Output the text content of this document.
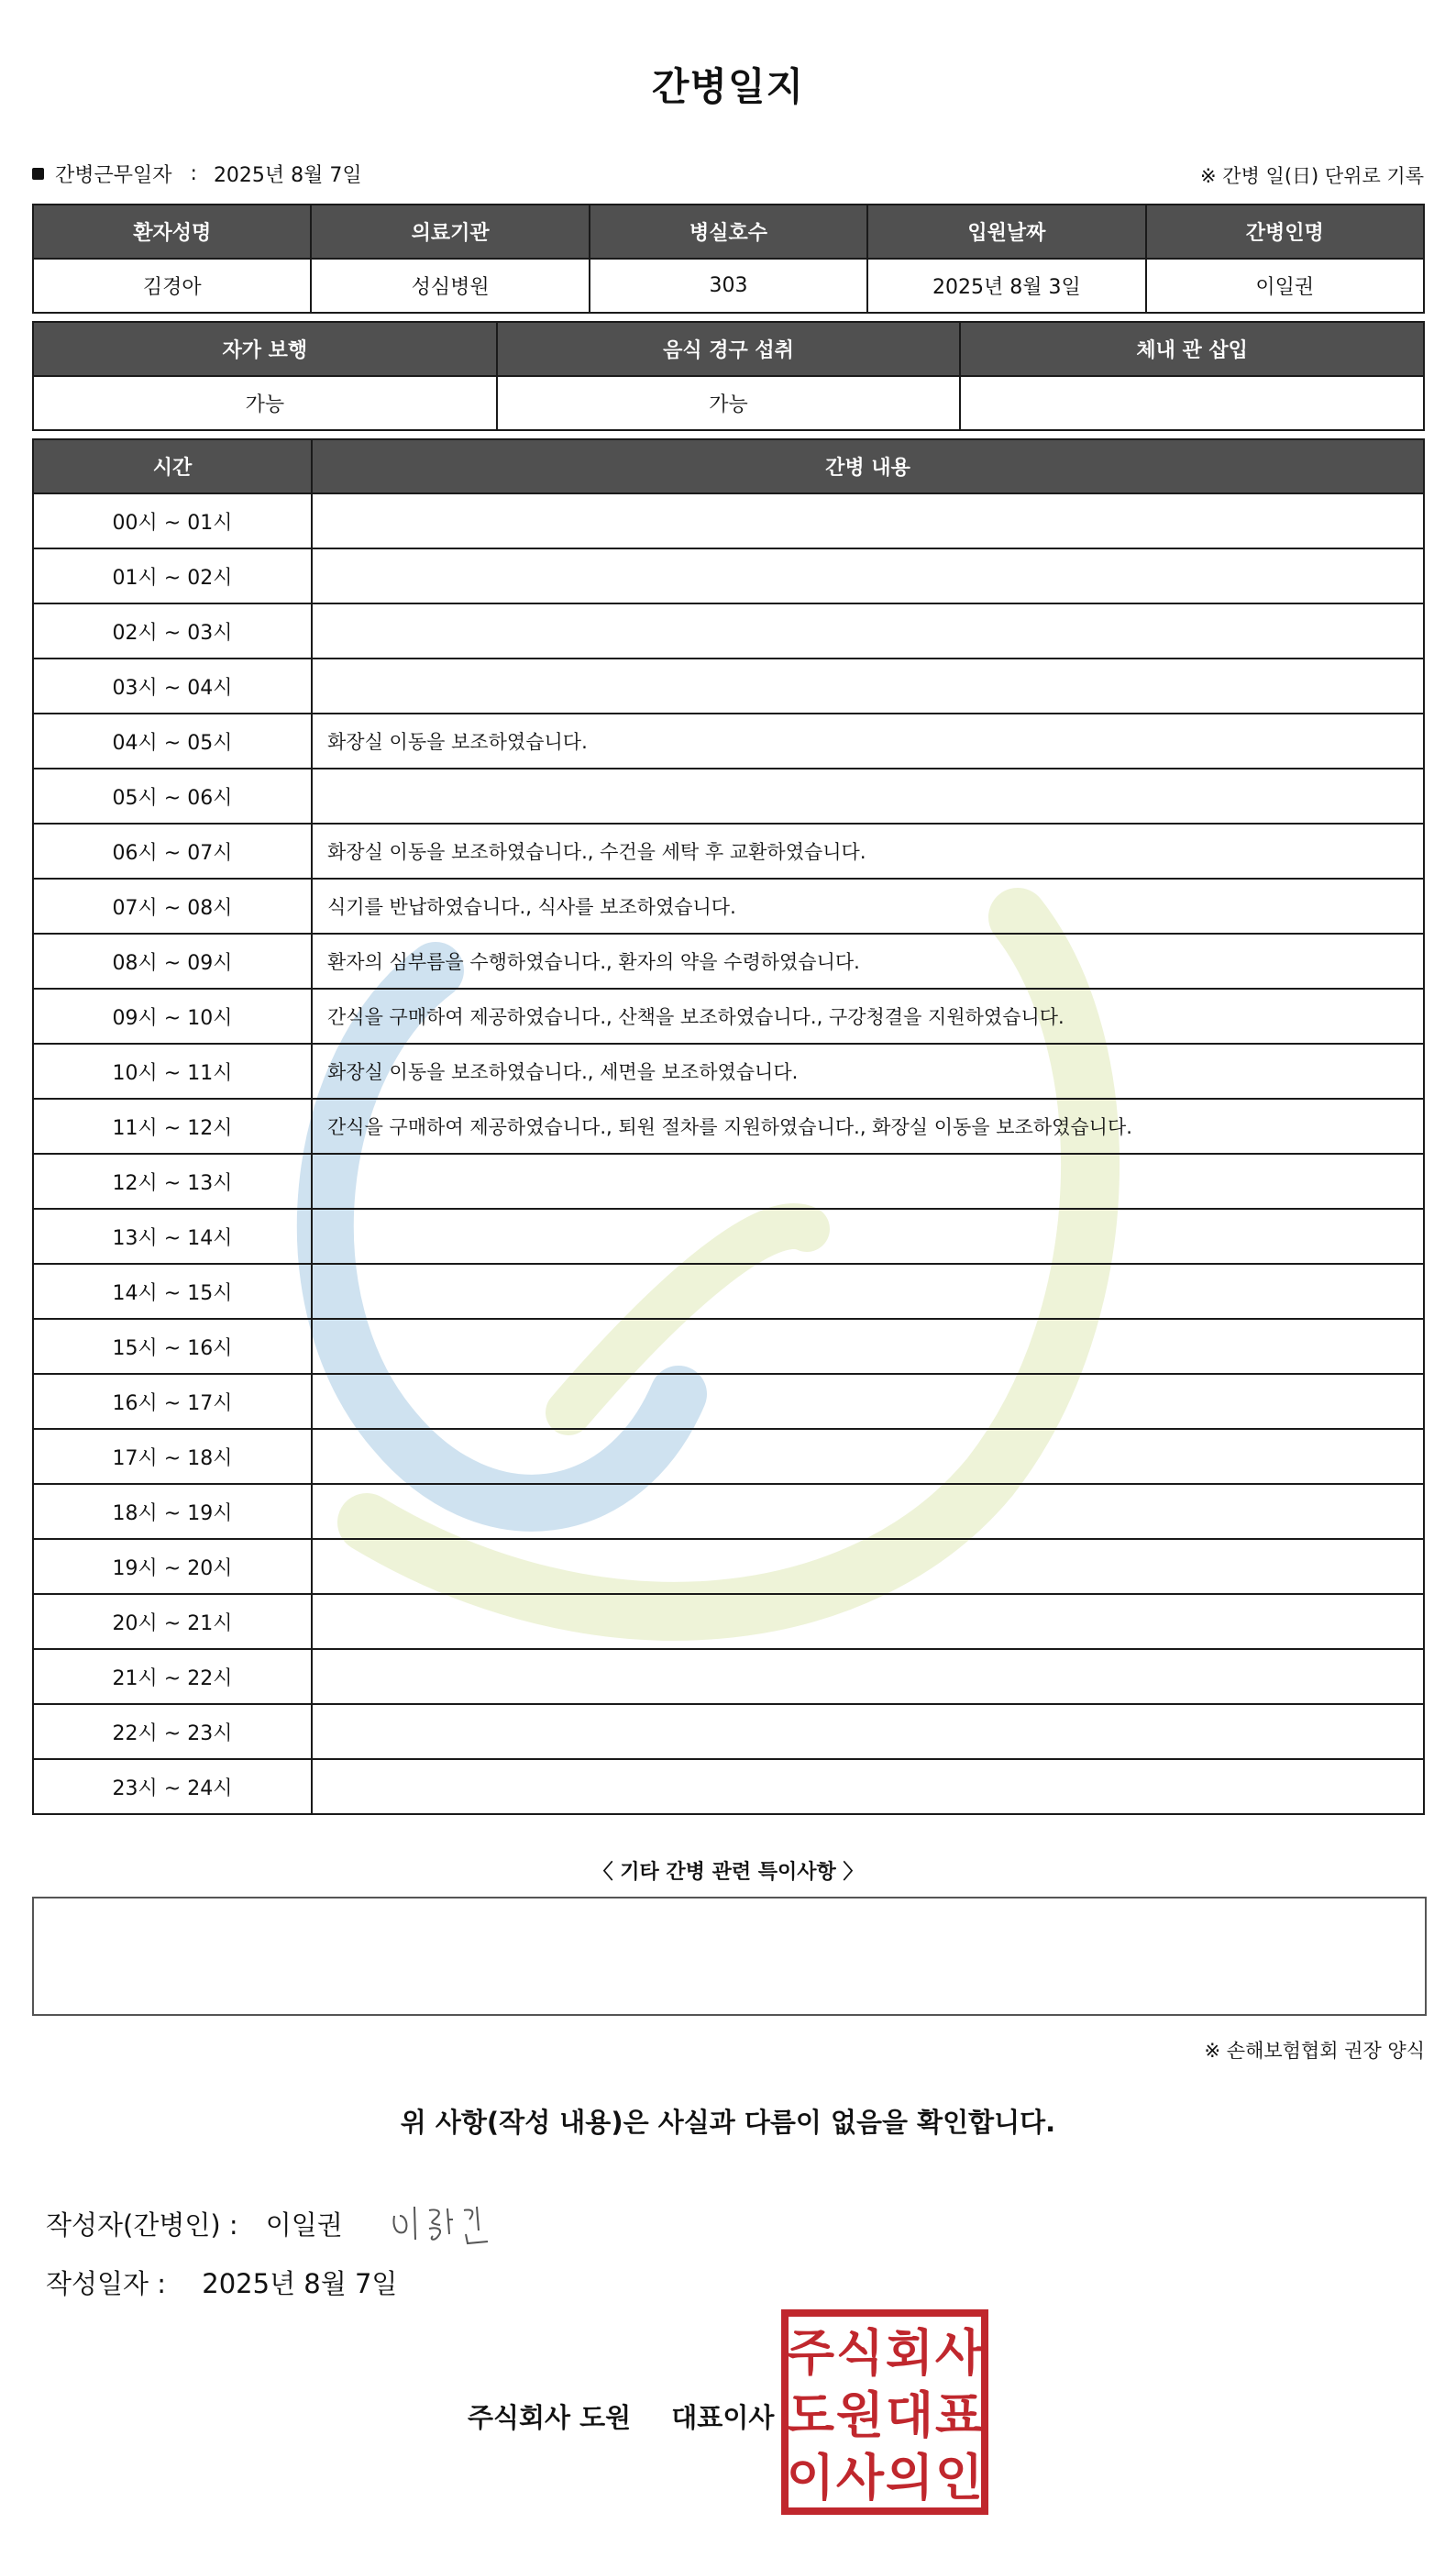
간병일지
간병근무일자 : 2025년 8월 7일	※ 간병 일(日) 단위로 기록
환자성명	의료기관	병실호수	입원날짜	간병인명
김경아	성심병원	303	2025년 8월 3일	이일권
자가 보행	음식 경구 섭취	체내 관 삽입
가능	가능	
시간	간병 내용
00시 ~ 01시	
01시 ~ 02시	
02시 ~ 03시	
03시 ~ 04시	
04시 ~ 05시	화장실 이동을 보조하였습니다.
05시 ~ 06시	
06시 ~ 07시	화장실 이동을 보조하였습니다., 수건을 세탁 후 교환하였습니다.
07시 ~ 08시	식기를 반납하였습니다., 식사를 보조하였습니다.
08시 ~ 09시	환자의 심부름을 수행하였습니다., 환자의 약을 수령하였습니다.
09시 ~ 10시	간식을 구매하여 제공하였습니다., 산책을 보조하였습니다., 구강청결을 지원하였습니다.
10시 ~ 11시	화장실 이동을 보조하였습니다., 세면을 보조하였습니다.
11시 ~ 12시	간식을 구매하여 제공하였습니다., 퇴원 절차를 지원하였습니다., 화장실 이동을 보조하였습니다.
12시 ~ 13시	
13시 ~ 14시	
14시 ~ 15시	
15시 ~ 16시	
16시 ~ 17시	
17시 ~ 18시	
18시 ~ 19시	
19시 ~ 20시	
20시 ~ 21시	
21시 ~ 22시	
22시 ~ 23시	
23시 ~ 24시	
〈 기타 간병 관련 특이사항 〉
※ 손해보험협회 권장 양식
위 사항(작성 내용)은 사실과 다름이 없음을 확인합니다.
작성자(간병인) : 이일권
작성일자 : 2025년 8월 7일
주식회사 도원 대표이사
주 식 회 사
도 원 대 표
이 사 의 인
